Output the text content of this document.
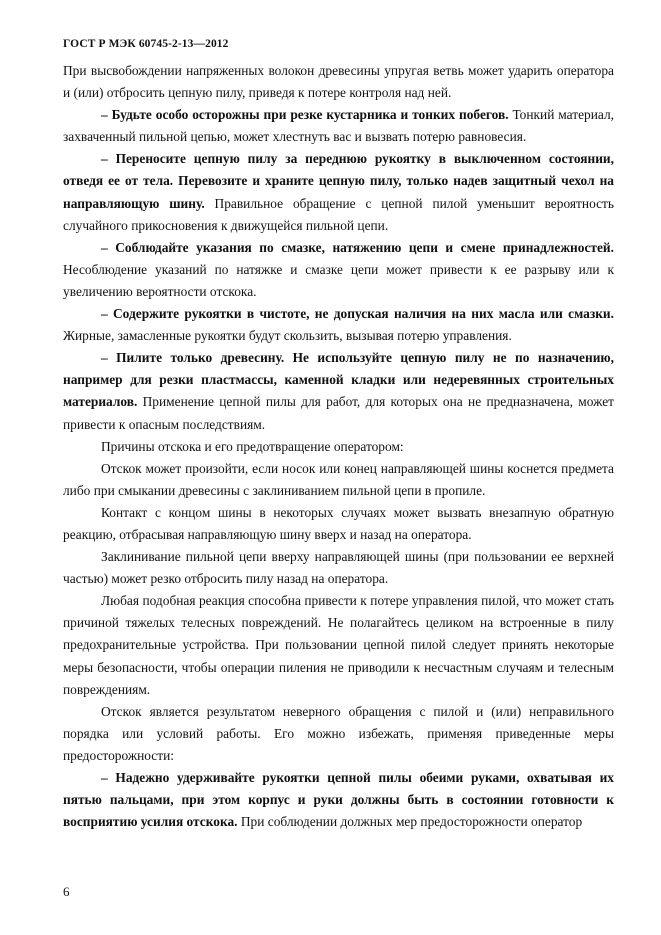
ГОСТ Р МЭК 60745-2-13—2012

При высвобождении напряженных волокон древесины упругая ветвь может ударить оператора и (или) отбросить цепную пилу, приведя к потере контроля над ней.

– Будьте особо осторожны при резке кустарника и тонких побегов. Тонкий материал, захваченный пильной цепью, может хлестнуть вас и вызвать потерю равновесия.

– Переносите цепную пилу за переднюю рукоятку в выключенном состоянии, отведя ее от тела. Перевозите и храните цепную пилу, только надев защитный чехол на направляющую шину. Правильное обращение с цепной пилой уменьшит вероятность случайного прикосновения к движущейся пильной цепи.

– Соблюдайте указания по смазке, натяжению цепи и смене принадлежностей. Несоблюдение указаний по натяжке и смазке цепи может привести к ее разрыву или к увеличению вероятности отскока.

– Содержите рукоятки в чистоте, не допуская наличия на них масла или смазки. Жирные, замасленные рукоятки будут скользить, вызывая потерю управления.

– Пилите только древесину. Не используйте цепную пилу не по назначению, например для резки пластмассы, каменной кладки или недеревянных строительных материалов. Применение цепной пилы для работ, для которых она не предназначена, может привести к опасным последствиям.

Причины отскока и его предотвращение оператором:

Отскок может произойти, если носок или конец направляющей шины коснется предмета либо при смыкании древесины с заклиниванием пильной цепи в пропиле.

Контакт с концом шины в некоторых случаях может вызвать внезапную обратную реакцию, отбрасывая направляющую шину вверх и назад на оператора.

Заклинивание пильной цепи вверху направляющей шины (при пользовании ее верхней частью) может резко отбросить пилу назад на оператора.

Любая подобная реакция способна привести к потере управления пилой, что может стать причиной тяжелых телесных повреждений. Не полагайтесь целиком на встроенные в пилу предохранительные устройства. При пользовании цепной пилой следует принять некоторые меры безопасности, чтобы операции пиления не приводили к несчастным случаям и телесным повреждениям.

Отскок является результатом неверного обращения с пилой и (или) неправильного порядка или условий работы. Его можно избежать, применяя приведенные меры предосторожности:

– Надежно удерживайте рукоятки цепной пилы обеими руками, охватывая их пятью пальцами, при этом корпус и руки должны быть в состоянии готовности к восприятию усилия отскока. При соблюдении должных мер предосторожности оператор

6
